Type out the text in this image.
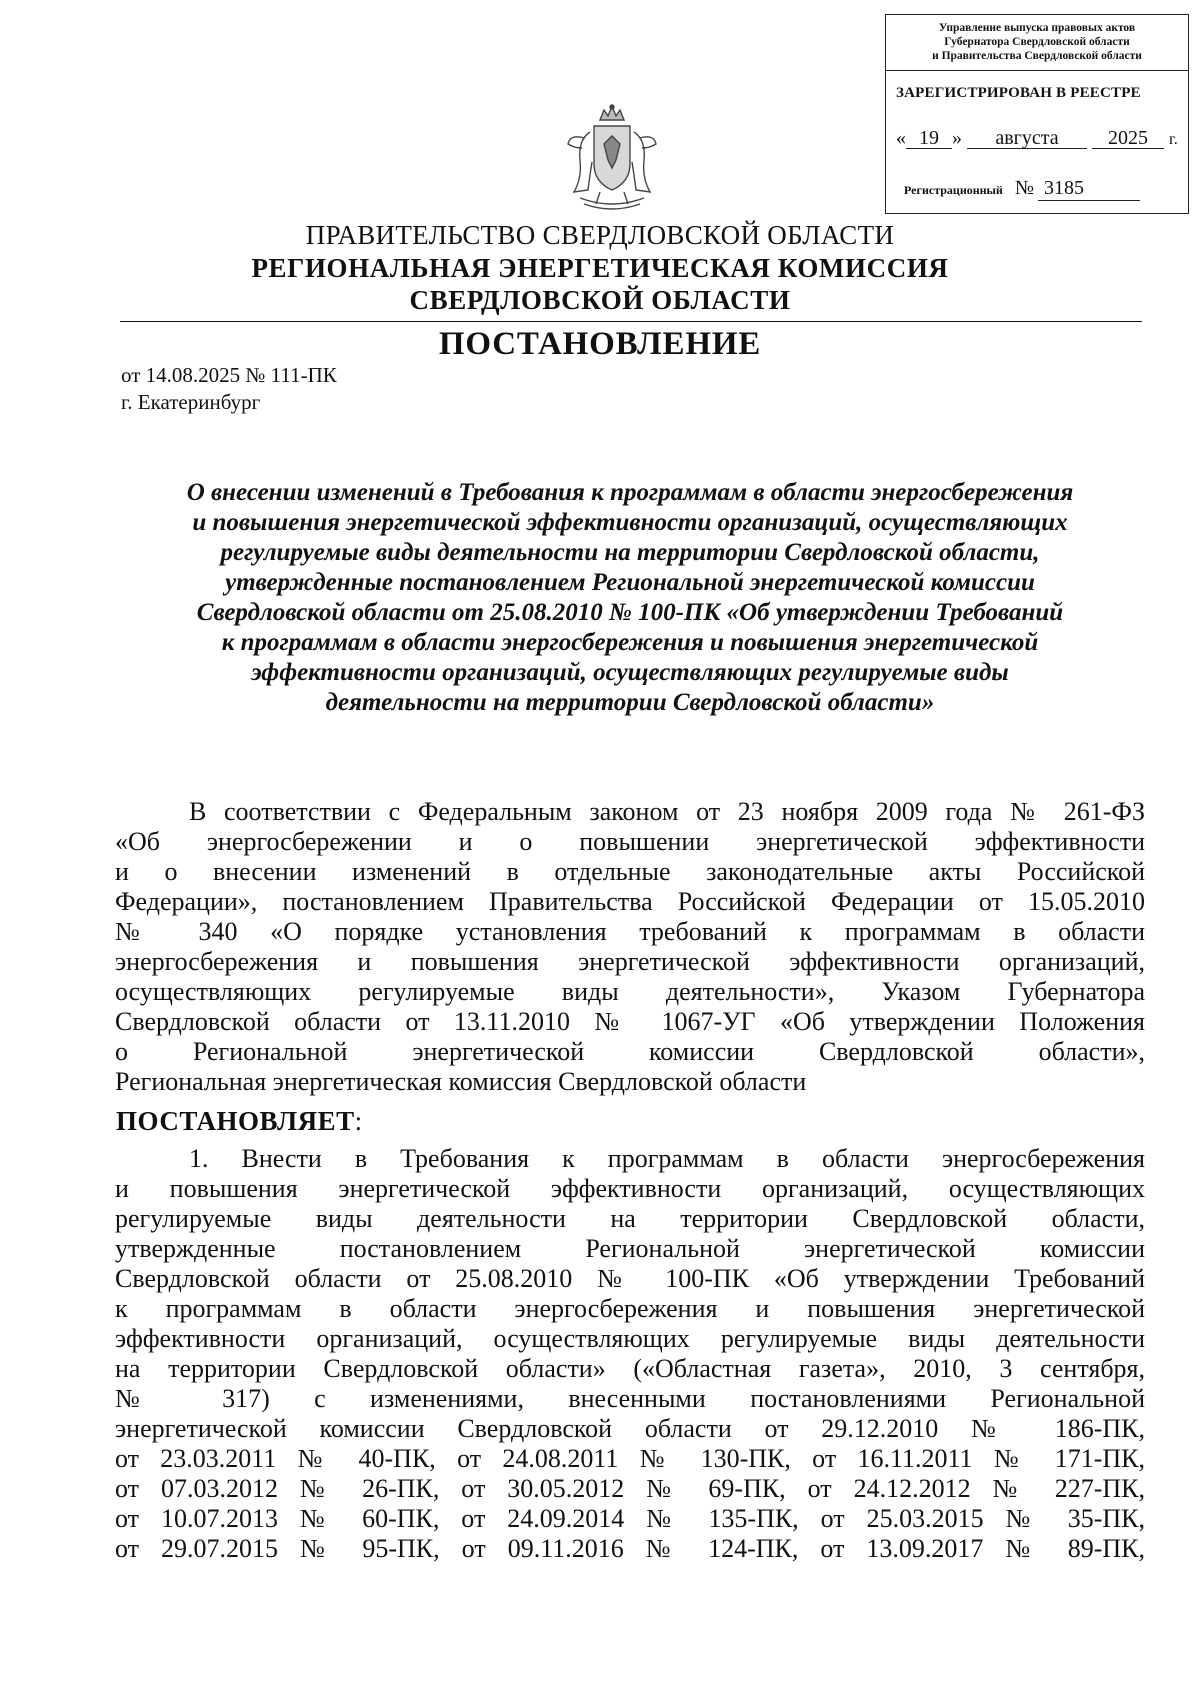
Управление выпуска правовых актов
Губернатора Свердловской области
и Правительства Свердловской области
ЗАРЕГИСТРИРОВАН В РЕЕСТРЕ
« 19 » августа 2025 г.
Регистрационный № 3185
ПРАВИТЕЛЬСТВО СВЕРДЛОВСКОЙ ОБЛАСТИ
РЕГИОНАЛЬНАЯ ЭНЕРГЕТИЧЕСКАЯ КОМИССИЯ
СВЕРДЛОВСКОЙ ОБЛАСТИ
ПОСТАНОВЛЕНИЕ
от 14.08.2025 № 111-ПК
г. Екатеринбург
О внесении изменений в Требования к программам в области энергосбережения
и повышения энергетической эффективности организаций, осуществляющих
регулируемые виды деятельности на территории Свердловской области,
утвержденные постановлением Региональной энергетической комиссии
Свердловской области от 25.08.2010 № 100-ПК «Об утверждении Требований
к программам в области энергосбережения и повышения энергетической
эффективности организаций, осуществляющих регулируемые виды
деятельности на территории Свердловской области»
В соответствии с Федеральным законом от 23 ноября 2009 года № 261-ФЗ
«Об энергосбережении и о повышении энергетической эффективности
и о внесении изменений в отдельные законодательные акты Российской
Федерации», постановлением Правительства Российской Федерации от 15.05.2010
№ 340 «О порядке установления требований к программам в области
энергосбережения и повышения энергетической эффективности организаций,
осуществляющих регулируемые виды деятельности», Указом Губернатора
Свердловской области от 13.11.2010 № 1067-УГ «Об утверждении Положения
о Региональной энергетической комиссии Свердловской области»,
Региональная энергетическая комиссия Свердловской области
ПОСТАНОВЛЯЕТ:
1. Внести в Требования к программам в области энергосбережения
и повышения энергетической эффективности организаций, осуществляющих
регулируемые виды деятельности на территории Свердловской области,
утвержденные постановлением Региональной энергетической комиссии
Свердловской области от 25.08.2010 № 100-ПК «Об утверждении Требований
к программам в области энергосбережения и повышения энергетической
эффективности организаций, осуществляющих регулируемые виды деятельности
на территории Свердловской области» («Областная газета», 2010, 3 сентября,
№ 317) с изменениями, внесенными постановлениями Региональной
энергетической комиссии Свердловской области от 29.12.2010 № 186-ПК,
от 23.03.2011 № 40-ПК, от 24.08.2011 № 130-ПК, от 16.11.2011 № 171-ПК,
от 07.03.2012 № 26-ПК, от 30.05.2012 № 69-ПК, от 24.12.2012 № 227-ПК,
от 10.07.2013 № 60-ПК, от 24.09.2014 № 135-ПК, от 25.03.2015 № 35-ПК,
от 29.07.2015 № 95-ПК, от 09.11.2016 № 124-ПК, от 13.09.2017 № 89-ПК,
